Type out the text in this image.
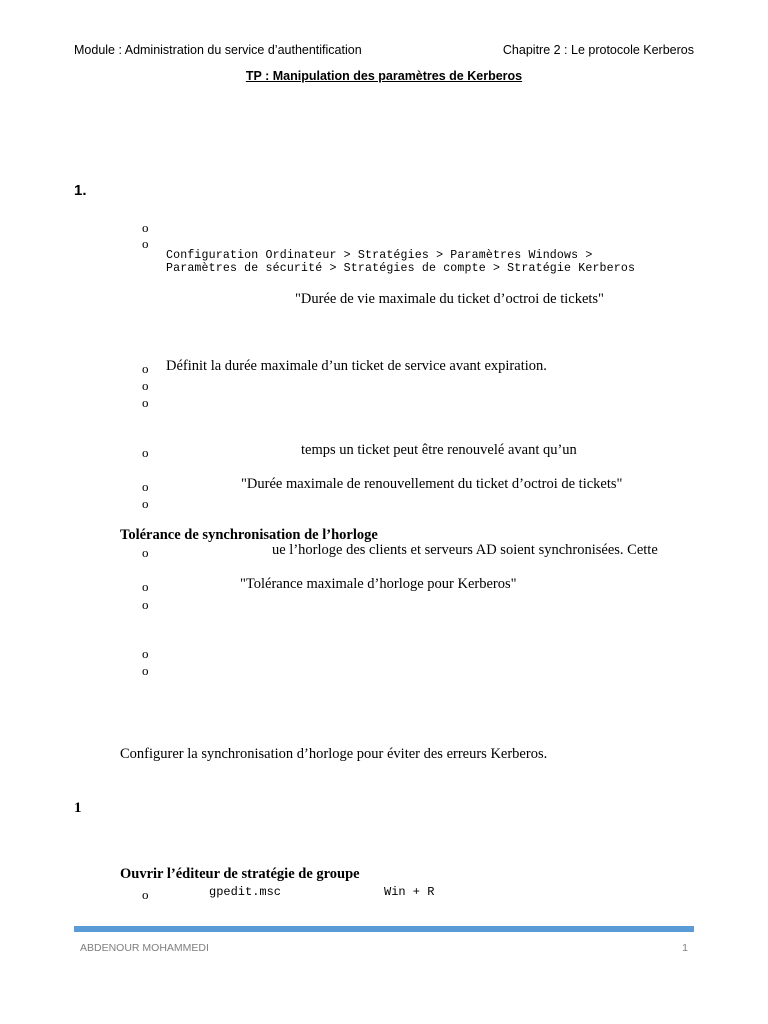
Module : Administration du service d’authentification	Chapitre 2 : Le protocole Kerberos
TP : Manipulation des paramètres de Kerberos
1.
o
o
Configuration Ordinateur > Stratégies > Paramètres Windows >
Paramètres de sécurité > Stratégies de compte > Stratégie Kerberos
"Durée de vie maximale du ticket d’octroi de tickets"
o Définit la durée maximale d’un ticket de service avant expiration.
o
o
o	temps un ticket peut être renouvelé avant qu’un
o	"Durée maximale de renouvellement du ticket d’octroi de tickets"
o
Tolérance de synchronisation de l’horloge
o	ue l’horloge des clients et serveurs AD soient synchronisées. Cette
o	"Tolérance maximale d’horloge pour Kerberos"
o
o
o
Configurer la synchronisation d’horloge pour éviter des erreurs Kerberos.
1
Ouvrir l’éditeur de stratégie de groupe
o	gpedit.msc	Win + R
ABDENOUR MOHAMMEDI	1
